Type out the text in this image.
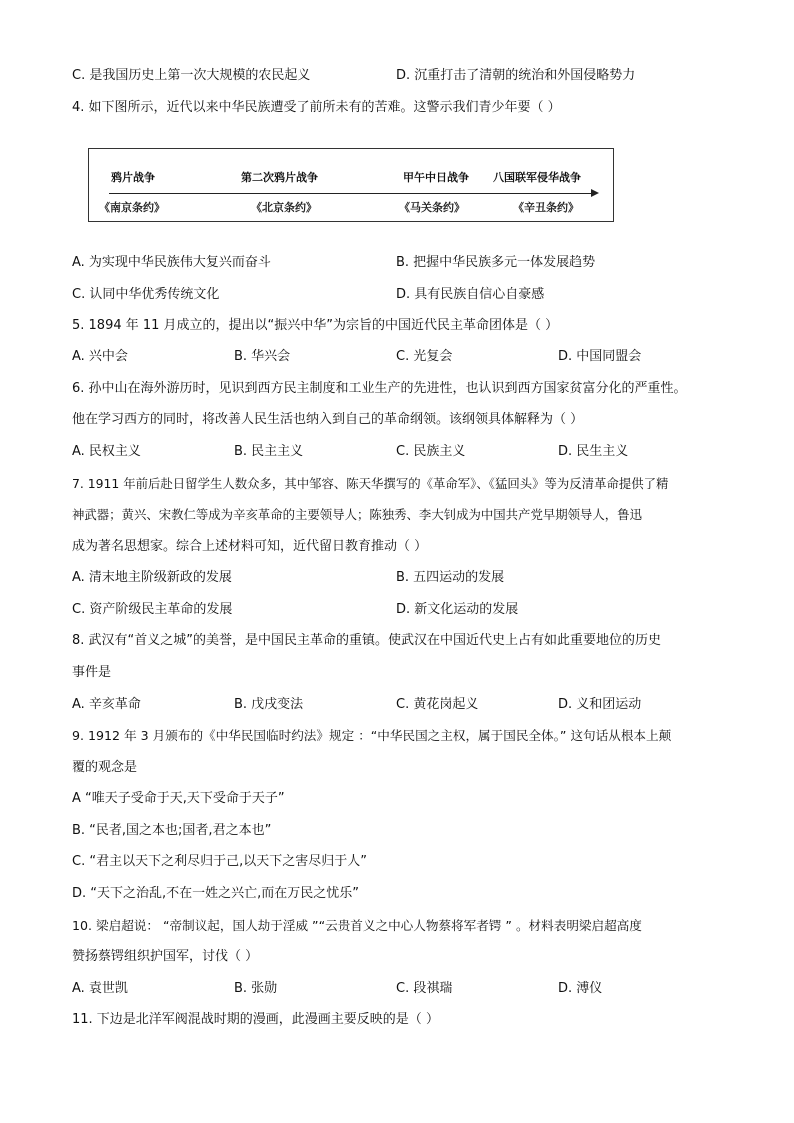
C. 是我国历史上第一次大规模的农民起义	D. 沉重打击了清朝的统治和外国侵略势力
4. 如下图所示，近代以来中华民族遭受了前所未有的苦难。这警示我们青少年要（ ）
鸦片战争	第二次鸦片战争	甲午中日战争 八国联军侵华战争
《南京条约》	《北京条约》	《马关条约》	《辛丑条约》
A. 为实现中华民族伟大复兴而奋斗	B. 把握中华民族多元一体发展趋势
C. 认同中华优秀传统文化	D. 具有民族自信心自豪感
5. 1894 年 11 月成立的，提出以“振兴中华”为宗旨的中国近代民主革命团体是（ ）
A. 兴中会	B. 华兴会	C. 光复会	D. 中国同盟会
6. 孙中山在海外游历时，见识到西方民主制度和工业生产的先进性，也认识到西方国家贫富分化的严重性。
他在学习西方的同时，将改善人民生活也纳入到自己的革命纲领。该纲领具体解释为（ ）
A. 民权主义	B. 民主主义	C. 民族主义	D. 民生主义
7. 1911 年前后赴日留学生人数众多，其中邹容、陈天华撰写的《革命军》、《猛回头》等为反清革命提供了精
神武器；黄兴、宋教仁等成为辛亥革命的主要领导人；陈独秀、李大钊成为中国共产党早期领导人，鲁迅
成为著名思想家。综合上述材料可知，近代留日教育推动（ ）
A. 清末地主阶级新政的发展	B. 五四运动的发展
C. 资产阶级民主革命的发展	D. 新文化运动的发展
8. 武汉有“首义之城”的美誉，是中国民主革命的重镇。使武汉在中国近代史上占有如此重要地位的历史
事件是
A. 辛亥革命	B. 戊戌变法	C. 黄花岗起义	D. 义和团运动
9. 1912 年 3 月颁布的《中华民国临时约法》规定 ：“中华民国之主权，属于国民全体。” 这句话从根本上颠
覆的观念是
A “唯天子受命于天,天下受命于天子”
B. “民者,国之本也;国者,君之本也”
C. “君主以天下之利尽归于己,以天下之害尽归于人”
D. “天下之治乱,不在一姓之兴亡,而在万民之忧乐”
10. 梁启超说： “帝制议起，国人劫于淫威 ”“云贵首义之中心人物蔡将军者锷 ” 。材料表明梁启超高度
赞扬蔡锷组织护国军，讨伐（ ）
A. 袁世凯	B. 张勋	C. 段祺瑞	D. 溥仪
11. 下边是北洋军阀混战时期的漫画，此漫画主要反映的是（ ）
